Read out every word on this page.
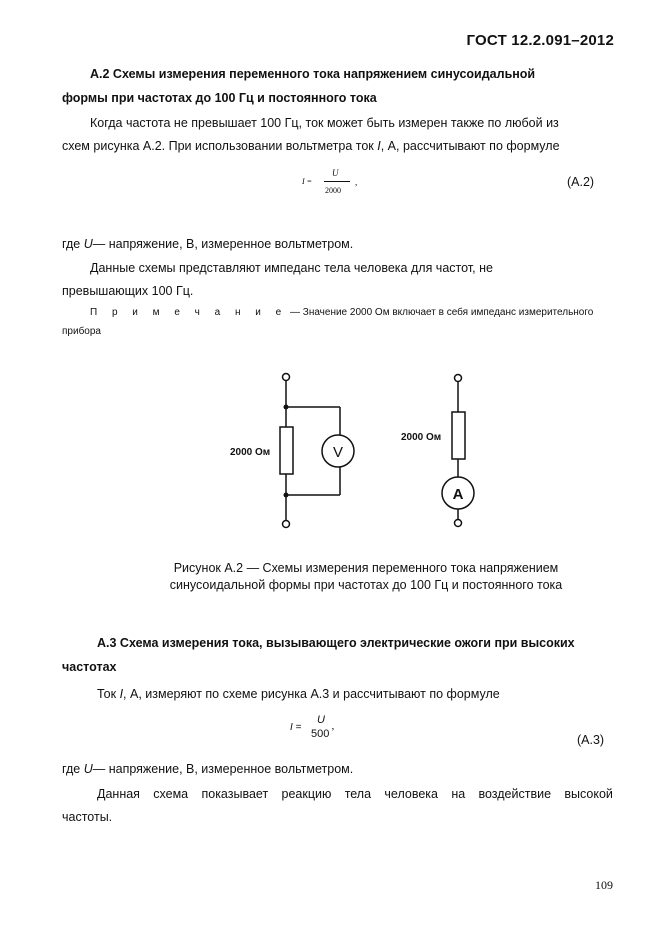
ГОСТ 12.2.091–2012
А.2 Схемы измерения переменного тока напряжением синусоидальной
формы при частотах до 100 Гц и постоянного тока
Когда частота не превышает 100 Гц, ток может быть измерен также по любой из
схем рисунка А.2. При использовании вольтметра ток I, А, рассчитывают по формуле
I =
U
2000
,	(А.2)
где U— напряжение, В, измеренное вольтметром.
Данные схемы представляют импеданс тела человека для частот, не
превышающих 100 Гц.
П р и м е ч а н и е — Значение 2000 Ом включает в себя импеданс измерительного
прибора
2000 Ом
2000 Ом
V
A
Рисунок А.2 — Схемы измерения переменного тока напряжением
синусоидальной формы при частотах до 100 Гц и постоянного тока
А.3 Схема измерения тока, вызывающего электрические ожоги при высоких
частотах
Ток I, А, измеряют по схеме рисунка А.3 и рассчитывают по формуле
I =
U
500 ’
(А.3)
где U— напряжение, В, измеренное вольтметром.
Данная схема показывает реакцию тела человека на воздействие высокой
частоты.
109
